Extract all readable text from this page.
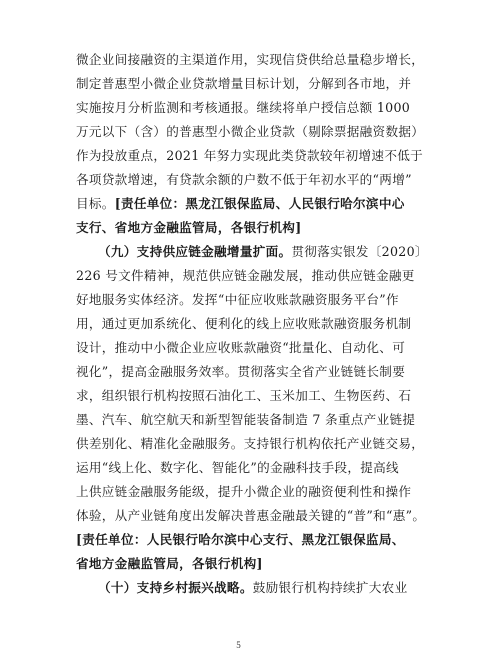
微企业间接融资的主渠道作用，实现信贷供给总量稳步增长，
制定普惠型小微企业贷款增量目标计划，分解到各市地，并
实施按月分析监测和考核通报。继续将单户授信总额 1000
万元以下（含）的普惠型小微企业贷款（剔除票据融资数据）
作为投放重点，2021 年努力实现此类贷款较年初增速不低于
各项贷款增速，有贷款余额的户数不低于年初水平的“两增”
目标。[责任单位：黑龙江银保监局、人民银行哈尔滨中心
支行、省地方金融监管局，各银行机构]
（九）支持供应链金融增量扩面。贯彻落实银发〔2020〕
226 号文件精神，规范供应链金融发展，推动供应链金融更
好地服务实体经济。发挥“中征应收账款融资服务平台”作
用，通过更加系统化、便利化的线上应收账款融资服务机制
设计，推动中小微企业应收账款融资“批量化、自动化、可
视化”，提高金融服务效率。贯彻落实全省产业链链长制要
求，组织银行机构按照石油化工、玉米加工、生物医药、石
墨、汽车、航空航天和新型智能装备制造 7 条重点产业链提
供差别化、精准化金融服务。支持银行机构依托产业链交易，
运用“线上化、数字化、智能化”的金融科技手段，提高线
上供应链金融服务能级，提升小微企业的融资便利性和操作
体验，从产业链角度出发解决普惠金融最关键的“普”和“惠”。
[责任单位：人民银行哈尔滨中心支行、黑龙江银保监局、
省地方金融监管局，各银行机构]
（十）支持乡村振兴战略。鼓励银行机构持续扩大农业
5
